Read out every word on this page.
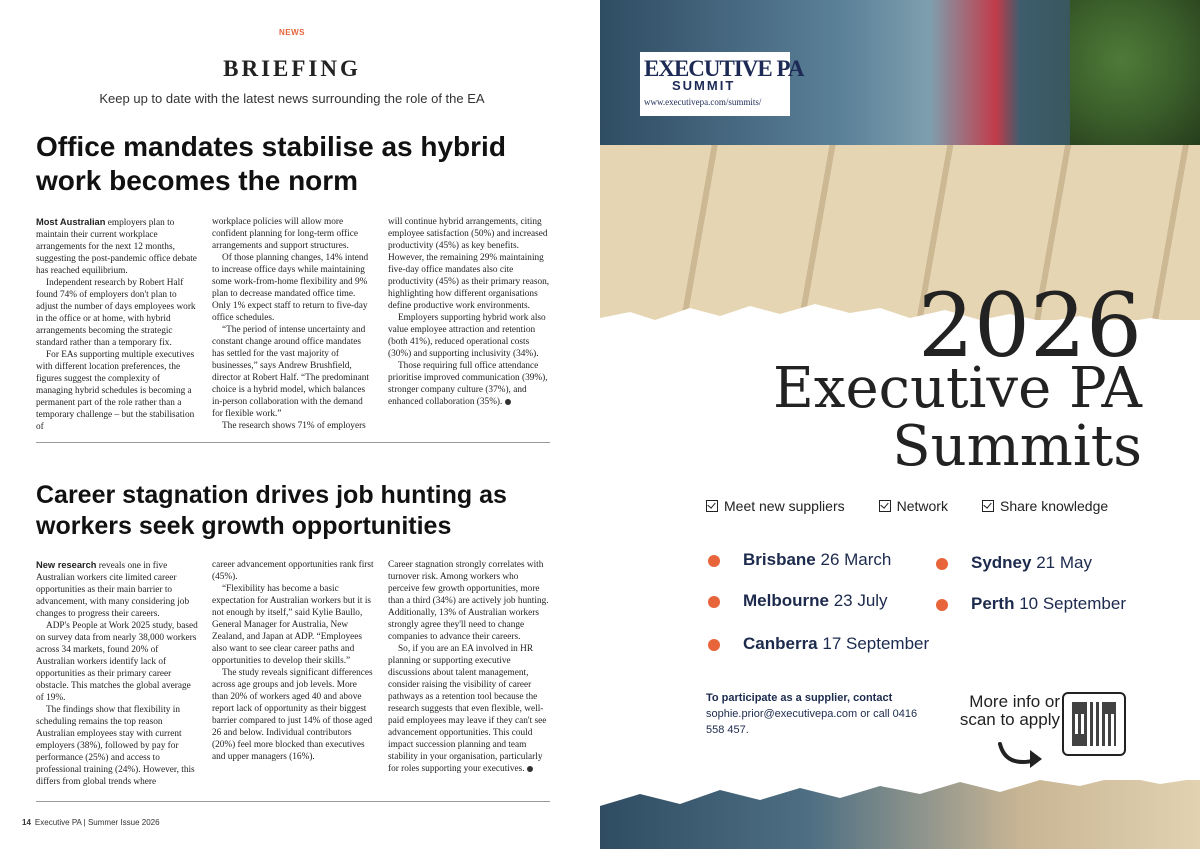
NEWS
BRIEFING
Keep up to date with the latest news surrounding the role of the EA
Office mandates stabilise as hybrid work becomes the norm

Most Australian employers plan to maintain their current workplace arrangements for the next 12 months, suggesting the post-pandemic office debate has reached equilibrium.

Independent research by Robert Half found 74% of employers don't plan to adjust the number of days employees work in the office or at home, with hybrid arrangements becoming the strategic standard rather than a temporary fix.

For EAs supporting multiple executives with different location preferences, the figures suggest the complexity of managing hybrid schedules is becoming a permanent part of the role rather than a temporary challenge – but the stabilisation of

workplace policies will allow more confident planning for long-term office arrangements and support structures.

Of those planning changes, 14% intend to increase office days while maintaining some work-from-home flexibility and 9% plan to decrease mandated office time. Only 1% expect staff to return to five-day office schedules.

“The period of intense uncertainty and constant change around office mandates has settled for the vast majority of businesses,” says Andrew Brushfield, director at Robert Half. “The predominant choice is a hybrid model, which balances in-person collaboration with the demand for flexible work.”

The research shows 71% of employers

will continue hybrid arrangements, citing employee satisfaction (50%) and increased productivity (45%) as key benefits. However, the remaining 29% maintaining five-day office mandates also cite productivity (45%) as their primary reason, highlighting how different organisations define productive work environments.

Employers supporting hybrid work also value employee attraction and retention (both 41%), reduced operational costs (30%) and supporting inclusivity (34%).

Those requiring full office attendance prioritise improved communication (39%), stronger company culture (37%), and enhanced collaboration (35%).

Career stagnation drives job hunting as workers seek growth opportunities

New research reveals one in five Australian workers cite limited career opportunities as their main barrier to advancement, with many considering job changes to progress their careers.

ADP's People at Work 2025 study, based on survey data from nearly 38,000 workers across 34 markets, found 20% of Australian workers identify lack of opportunities as their primary career obstacle. This matches the global average of 19%.

The findings show that flexibility in scheduling remains the top reason Australian employees stay with current employers (38%), followed by pay for performance (25%) and access to professional training (24%). However, this differs from global trends where

career advancement opportunities rank first (45%).

“Flexibility has become a basic expectation for Australian workers but it is not enough by itself,” said Kylie Baullo, General Manager for Australia, New Zealand, and Japan at ADP. “Employees also want to see clear career paths and opportunities to develop their skills.”

The study reveals significant differences across age groups and job levels. More than 20% of workers aged 40 and above report lack of opportunity as their biggest barrier compared to just 14% of those aged 26 and below. Individual contributors (20%) feel more blocked than executives and upper managers (16%).

Career stagnation strongly correlates with turnover risk. Among workers who perceive few growth opportunities, more than a third (34%) are actively job hunting. Additionally, 13% of Australian workers strongly agree they'll need to change companies to advance their careers.

So, if you are an EA involved in HR planning or supporting executive discussions about talent management, consider raising the visibility of career pathways as a retention tool because the research suggests that even flexible, well-paid employees may leave if they can't see advancement opportunities. This could impact succession planning and team stability in your organisation, particularly for roles supporting your executives.

14 Executive PA | Summer Issue 2026
EXECUTIVE PA
SUMMIT
www.executivepa.com/summits/
2026
Executive PA
Summits
Meet new suppliers	Network	Share knowledge
Brisbane 26 March	Sydney 21 May
Melbourne 23 July	Perth 10 September
Canberra 17 September
To participate as a supplier, contact
sophie.prior@executivepa.com or call 0416 558 457.
More info or scan to apply
